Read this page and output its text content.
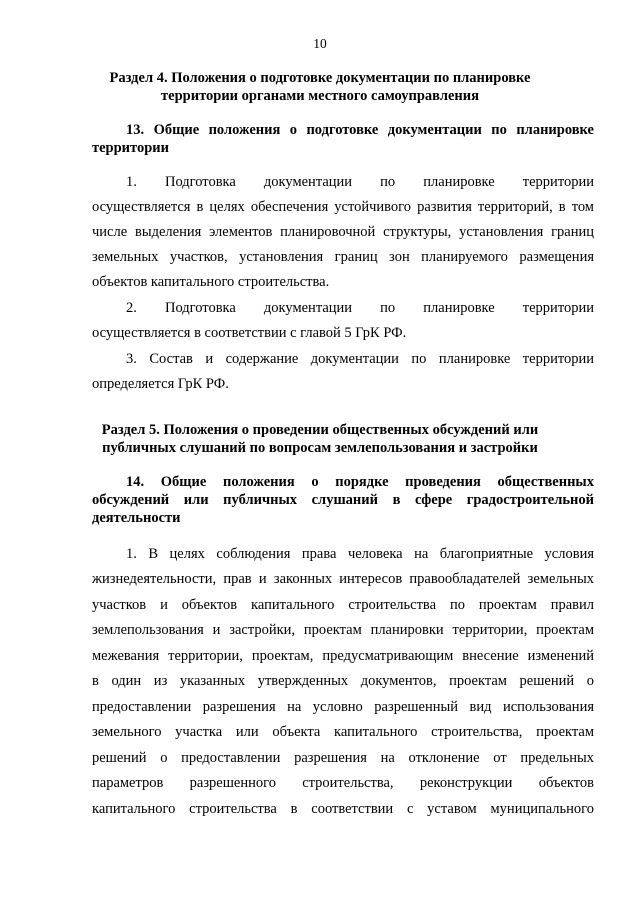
10
Раздел 4. Положения о подготовке документации по планировке
территории органами местного самоуправления
13. Общие положения о подготовке документации по планировке
территории
1. Подготовка документации по планировке территории
осуществляется в целях обеспечения устойчивого развития территорий, в том
числе выделения элементов планировочной структуры, установления границ
земельных участков, установления границ зон планируемого размещения
объектов капитального строительства.
2. Подготовка документации по планировке территории
осуществляется в соответствии с главой 5 ГрК РФ.
3. Состав и содержание документации по планировке территории
определяется ГрК РФ.
Раздел 5. Положения о проведении общественных обсуждений или
публичных слушаний по вопросам землепользования и застройки
14. Общие положения о порядке проведения общественных
обсуждений или публичных слушаний в сфере градостроительной
деятельности
1. В целях соблюдения права человека на благоприятные условия
жизнедеятельности, прав и законных интересов правообладателей земельных
участков и объектов капитального строительства по проектам правил
землепользования и застройки, проектам планировки территории, проектам
межевания территории, проектам, предусматривающим внесение изменений
в один из указанных утвержденных документов, проектам решений о
предоставлении разрешения на условно разрешенный вид использования
земельного участка или объекта капитального строительства, проектам
решений о предоставлении разрешения на отклонение от предельных
параметров разрешенного строительства, реконструкции объектов
капитального строительства в соответствии с уставом муниципального
